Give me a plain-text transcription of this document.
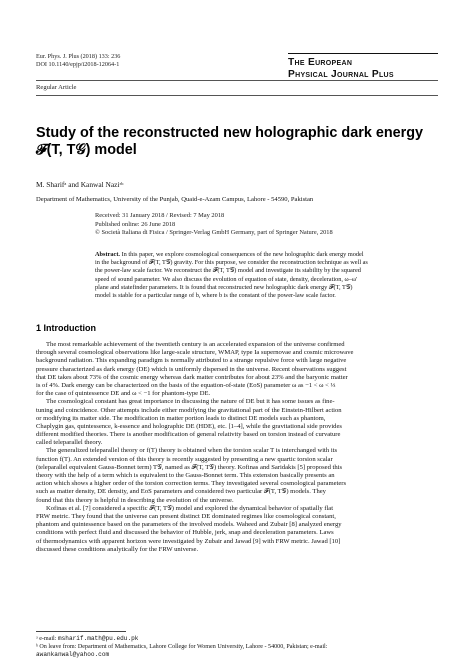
Eur. Phys. J. Plus (2018) 133: 236
DOI 10.1140/epjp/i2018-12064-1	The European
Physical Journal Plus
Regular Article
Study of the reconstructed new holographic dark energy
𝓕(T, T𝒢) model
M. Sharifᵃ and Kanwal Naziʳᵇ
Department of Mathematics, University of the Punjab, Quaid-e-Azam Campus, Lahore - 54590, Pakistan
Received: 31 January 2018 / Revised: 7 May 2018
Published online: 26 June 2018
© Società Italiana di Fisica / Springer-Verlag GmbH Germany, part of Springer Nature, 2018
Abstract. In this paper, we explore cosmological consequences of the new holographic dark energy model
in the background of 𝓕(T, T𝒢) gravity. For this purpose, we consider the reconstruction technique as well as
the power-law scale factor. We reconstruct the 𝓕(T, T𝒢) model and investigate its stability by the squared
speed of sound parameter. We also discuss the evolution of equation of state, density, deceleration, ω–ω′
plane and statefinder parameters. It is found that reconstructed new holographic dark energy 𝓕(T, T𝒢)
model is stable for a particular range of b, where b is the constant of the power-law scale factor.
1 Introduction
The most remarkable achievement of the twentieth century is an accelerated expansion of the universe confirmed
through several cosmological observations like large-scale structure, WMAP, type Ia supernovae and cosmic microwave
background radiation. This expanding paradigm is normally attributed to a strange repulsive force with large negative
pressure characterized as dark energy (DE) which is uniformly dispersed in the universe. Recent observations suggest
that DE takes about 73% of the cosmic energy whereas dark matter contributes for about 23% and the baryonic matter
is of 4%. Dark energy can be characterized on the basis of the equation-of-state (EoS) parameter ω as −1 < ω < ⅓
for the case of quintessence DE and ω < −1 for phantom-type DE.
The cosmological constant has great importance in discussing the nature of DE but it has some issues as fine-
tuning and coincidence. Other attempts include either modifying the gravitational part of the Einstein-Hilbert action
or modifying its matter side. The modification in matter portion leads to distinct DE models such as phantom,
Chaplygin gas, quintessence, k-essence and holographic DE (HDE), etc. [1–4], while the gravitational side provides
different modified theories. There is another modification of general relativity based on torsion instead of curvature
called teleparallel theory.
The generalized teleparallel theory or f(T) theory is obtained when the torsion scalar T is interchanged with its
function f(T). An extended version of this theory is recently suggested by presenting a new quartic torsion scalar
(teleparallel equivalent Gauss-Bonnet term) T𝒢, named as 𝓕(T, T𝒢) theory. Kofinas and Saridakis [5] proposed this
theory with the help of a term which is equivalent to the Gauss-Bonnet term. This extension basically presents an
action which shows a higher order of the torsion correction terms. They investigated several cosmological parameters
such as matter density, DE density, and EoS parameters and considered two particular 𝓕(T, T𝒢) models. They
found that this theory is helpful in describing the evolution of the universe.
Kofinas et al. [7] considered a specific 𝓕(T, T𝒢) model and explored the dynamical behavior of spatially flat
FRW metric. They found that the universe can present distinct DE dominated regimes like cosmological constant,
phantom and quintessence based on the parameters of the involved models. Waheed and Zubair [8] analyzed energy
conditions with perfect fluid and discussed the behavior of Hubble, jerk, snap and deceleration parameters. Laws
of thermodynamics with apparent horizon were investigated by Zubair and Jawad [9] with FRW metric. Jawad [10]
discussed these conditions analytically for the FRW universe.
ᵃ e-mail: msharif.math@pu.edu.pk
ᵇ On leave from: Department of Mathematics, Lahore College for Women University, Lahore - 54000, Pakistan; e-mail:
awankanwal@yahoo.com
